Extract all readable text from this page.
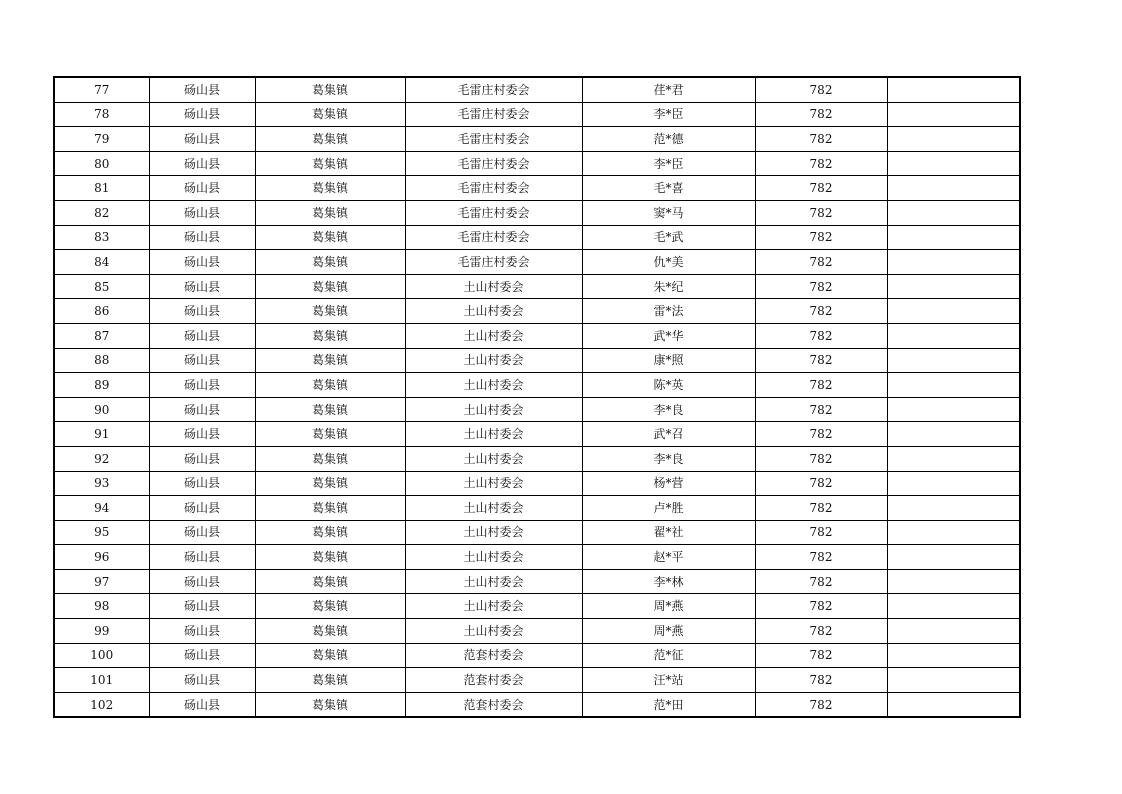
77	砀山县	葛集镇	毛雷庄村委会	荏*君	782	
78	砀山县	葛集镇	毛雷庄村委会	李*臣	782	
79	砀山县	葛集镇	毛雷庄村委会	范*德	782	
80	砀山县	葛集镇	毛雷庄村委会	李*臣	782	
81	砀山县	葛集镇	毛雷庄村委会	毛*喜	782	
82	砀山县	葛集镇	毛雷庄村委会	窦*马	782	
83	砀山县	葛集镇	毛雷庄村委会	毛*武	782	
84	砀山县	葛集镇	毛雷庄村委会	仇*美	782	
85	砀山县	葛集镇	土山村委会	朱*纪	782	
86	砀山县	葛集镇	土山村委会	雷*法	782	
87	砀山县	葛集镇	土山村委会	武*华	782	
88	砀山县	葛集镇	土山村委会	康*照	782	
89	砀山县	葛集镇	土山村委会	陈*英	782	
90	砀山县	葛集镇	土山村委会	李*良	782	
91	砀山县	葛集镇	土山村委会	武*召	782	
92	砀山县	葛集镇	土山村委会	李*良	782	
93	砀山县	葛集镇	土山村委会	杨*营	782	
94	砀山县	葛集镇	土山村委会	卢*胜	782	
95	砀山县	葛集镇	土山村委会	翟*社	782	
96	砀山县	葛集镇	土山村委会	赵*平	782	
97	砀山县	葛集镇	土山村委会	李*林	782	
98	砀山县	葛集镇	土山村委会	周*燕	782	
99	砀山县	葛集镇	土山村委会	周*燕	782	
100	砀山县	葛集镇	范套村委会	范*征	782	
101	砀山县	葛集镇	范套村委会	汪*站	782	
102	砀山县	葛集镇	范套村委会	范*田	782	
